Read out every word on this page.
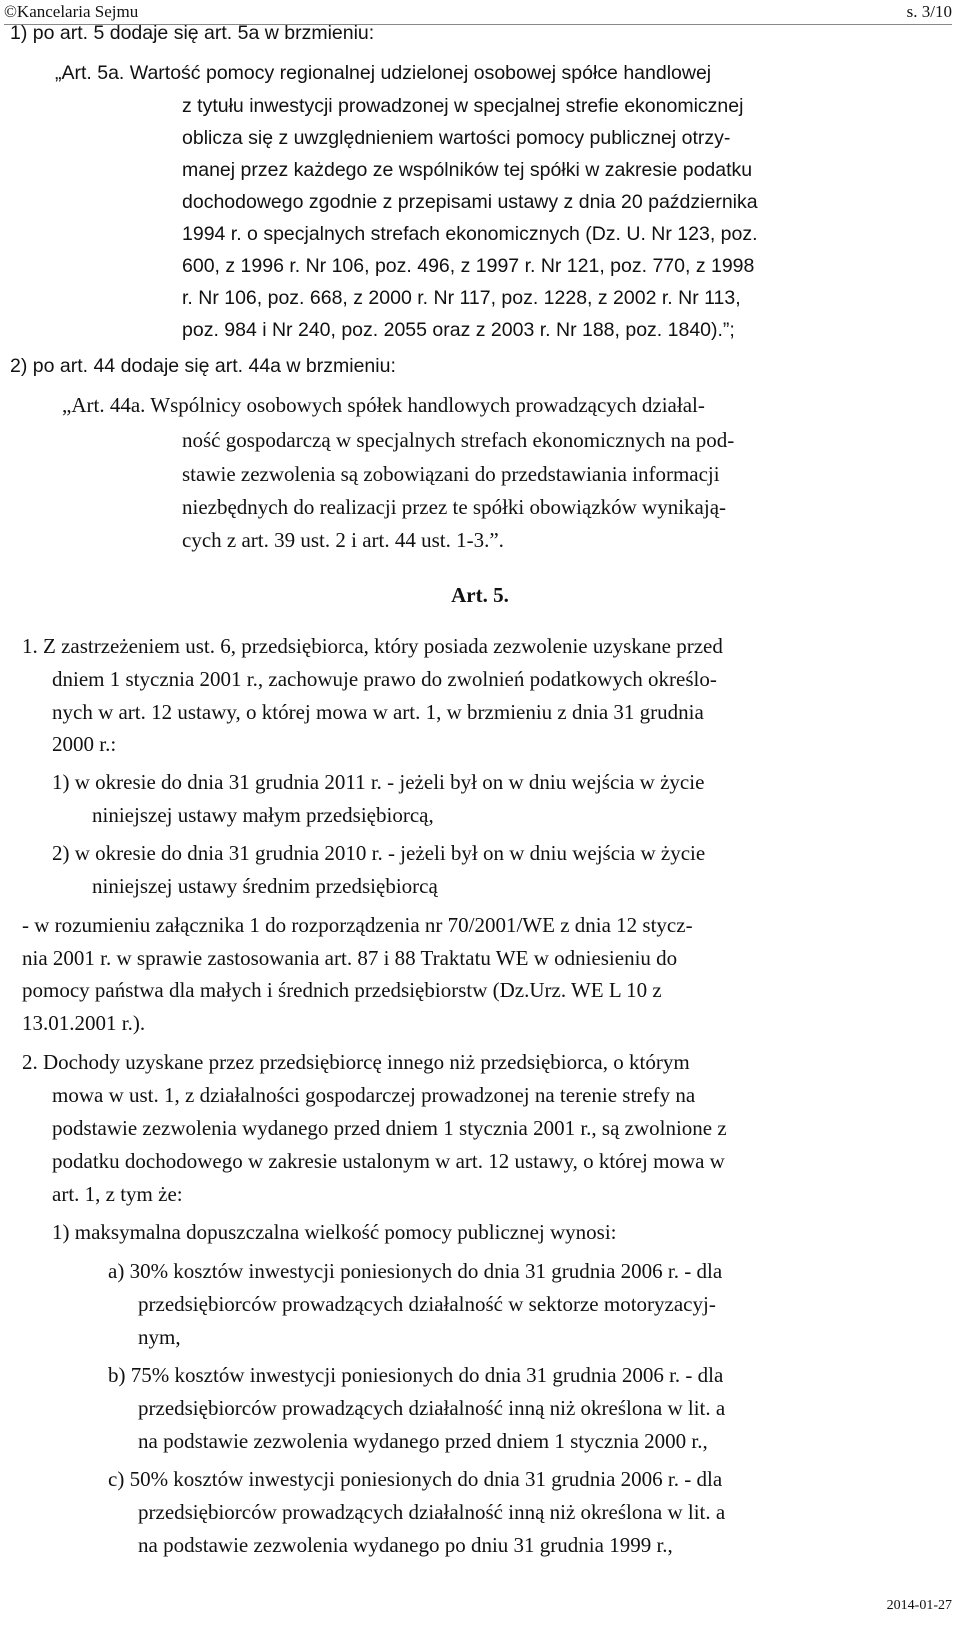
©Kancelaria Sejmu	s. 3/10
Art. 5.
1) po art. 5 dodaje się art. 5a w brzmieniu:
„Art. 5a. Wartość pomocy regionalnej udzielonej osobowej spółce handlowej
z tytułu inwestycji prowadzonej w specjalnej strefie ekonomicznej
oblicza się z uwzględnieniem wartości pomocy publicznej otrzy-
manej przez każdego ze wspólników tej spółki w zakresie podatku
dochodowego zgodnie z przepisami ustawy z dnia 20 października
1994 r. o specjalnych strefach ekonomicznych (Dz. U. Nr 123, poz.
600, z 1996 r. Nr 106, poz. 496, z 1997 r. Nr 121, poz. 770, z 1998
r. Nr 106, poz. 668, z 2000 r. Nr 117, poz. 1228, z 2002 r. Nr 113,
poz. 984 i Nr 240, poz. 2055 oraz z 2003 r. Nr 188, poz. 1840).”;
2) po art. 44 dodaje się art. 44a w brzmieniu:
„Art. 44a. Wspólnicy osobowych spółek handlowych prowadzących działal-
ność gospodarczą w specjalnych strefach ekonomicznych na pod-
stawie zezwolenia są zobowiązani do przedstawiania informacji
niezbędnych do realizacji przez te spółki obowiązków wynikają-
cych z art. 39 ust. 2 i art. 44 ust. 1-3.”.
1. Z zastrzeżeniem ust. 6, przedsiębiorca, który posiada zezwolenie uzyskane przed
dniem 1 stycznia 2001 r., zachowuje prawo do zwolnień podatkowych określo-
nych w art. 12 ustawy, o której mowa w art. 1, w brzmieniu z dnia 31 grudnia
2000 r.:
1) w okresie do dnia 31 grudnia 2011 r. - jeżeli był on w dniu wejścia w życie
niniejszej ustawy małym przedsiębiorcą,
2) w okresie do dnia 31 grudnia 2010 r. - jeżeli był on w dniu wejścia w życie
niniejszej ustawy średnim przedsiębiorcą
- w rozumieniu załącznika 1 do rozporządzenia nr 70/2001/WE z dnia 12 stycz-
nia 2001 r. w sprawie zastosowania art. 87 i 88 Traktatu WE w odniesieniu do
pomocy państwa dla małych i średnich przedsiębiorstw (Dz.Urz. WE L 10 z
13.01.2001 r.).
2. Dochody uzyskane przez przedsiębiorcę innego niż przedsiębiorca, o którym
mowa w ust. 1, z działalności gospodarczej prowadzonej na terenie strefy na
podstawie zezwolenia wydanego przed dniem 1 stycznia 2001 r., są zwolnione z
podatku dochodowego w zakresie ustalonym w art. 12 ustawy, o której mowa w
art. 1, z tym że:
1) maksymalna dopuszczalna wielkość pomocy publicznej wynosi:
a) 30% kosztów inwestycji poniesionych do dnia 31 grudnia 2006 r. - dla
przedsiębiorców prowadzących działalność w sektorze motoryzacyj-
nym,
b) 75% kosztów inwestycji poniesionych do dnia 31 grudnia 2006 r. - dla
przedsiębiorców prowadzących działalność inną niż określona w lit. a
na podstawie zezwolenia wydanego przed dniem 1 stycznia 2000 r.,
c) 50% kosztów inwestycji poniesionych do dnia 31 grudnia 2006 r. - dla
przedsiębiorców prowadzących działalność inną niż określona w lit. a
na podstawie zezwolenia wydanego po dniu 31 grudnia 1999 r.,
2014-01-27
